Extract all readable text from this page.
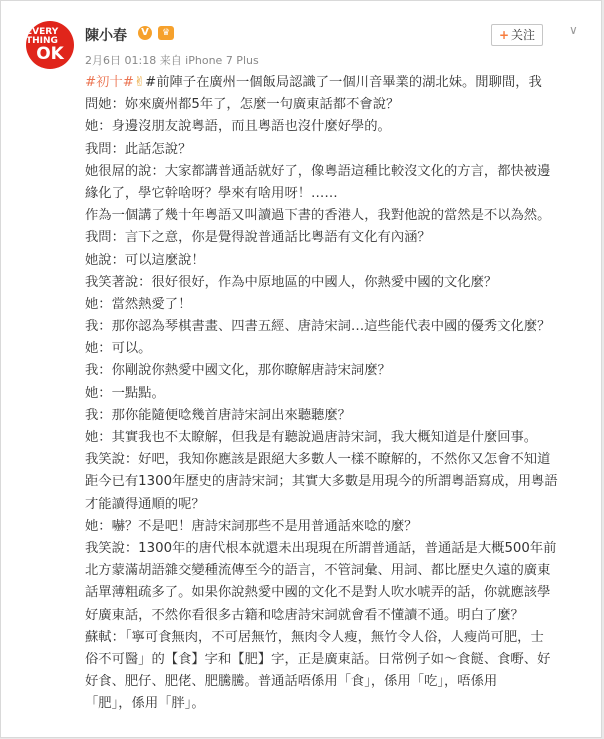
EVERY THING
OK
陳小春	V	♛
2月6日 01:18 来自 iPhone 7 Plus
+ 关注	∨
#初十#✌#前陣子在廣州一個飯局認識了一個川音畢業的湖北妹。閒聊間，我
問她：妳來廣州都5年了，怎麼一句廣東話都不會說？
她：身邊沒朋友說粵語，而且粵語也沒什麼好學的。
我問：此話怎說？
她很屌的說：大家都講普通話就好了，像粵語這種比較沒文化的方言，都快被邊
緣化了，學它幹啥呀？學來有啥用呀！……
作為一個講了幾十年粵語又叫讀過下書的香港人，我對他說的當然是不以為然。
我問：言下之意，你是覺得說普通話比粵語有文化有內涵？
她說：可以這麼說！
我笑著說：很好很好，作為中原地區的中國人，你熱愛中國的文化麼？
她：當然熱愛了！
我：那你認為琴棋書畫、四書五經、唐詩宋詞…這些能代表中國的優秀文化麼？
她：可以。
我：你剛說你熱愛中國文化，那你瞭解唐詩宋詞麼？
她：一點點。
我：那你能隨便唸幾首唐詩宋詞出來聽聽麼？
她：其實我也不太瞭解，但我是有聽說過唐詩宋詞，我大概知道是什麼回事。
我笑說：好吧，我知你應該是跟絕大多數人一樣不瞭解的，不然你又怎會不知道
距今已有1300年歷史的唐詩宋詞；其實大多數是用現今的所謂粵語寫成，用粵語
才能讀得通順的呢？
她：嚇？不是吧！唐詩宋詞那些不是用普通話來唸的麼？
我笑說：1300年的唐代根本就還未出現現在所謂普通話，普通話是大概500年前
北方蒙滿胡語雜交變種流傳至今的語言，不管詞彙、用詞、都比歷史久遠的廣東
話單薄粗疏多了。如果你說熱愛中國的文化不是對人吹水唬弄的話，你就應該學
好廣東話，不然你看很多古籍和唸唐詩宋詞就會看不懂讀不通。明白了麼？
蘇軾：「寧可食無肉，不可居無竹，無肉令人瘦，無竹令人俗，人瘦尚可肥，士
俗不可醫」的【食】字和【肥】字，正是廣東話。日常例子如～食餸、食嘢、好
好食、肥仔、肥佬、肥騰騰。普通話唔係用「食」，係用「吃」，唔係用
「肥」，係用「胖」。
